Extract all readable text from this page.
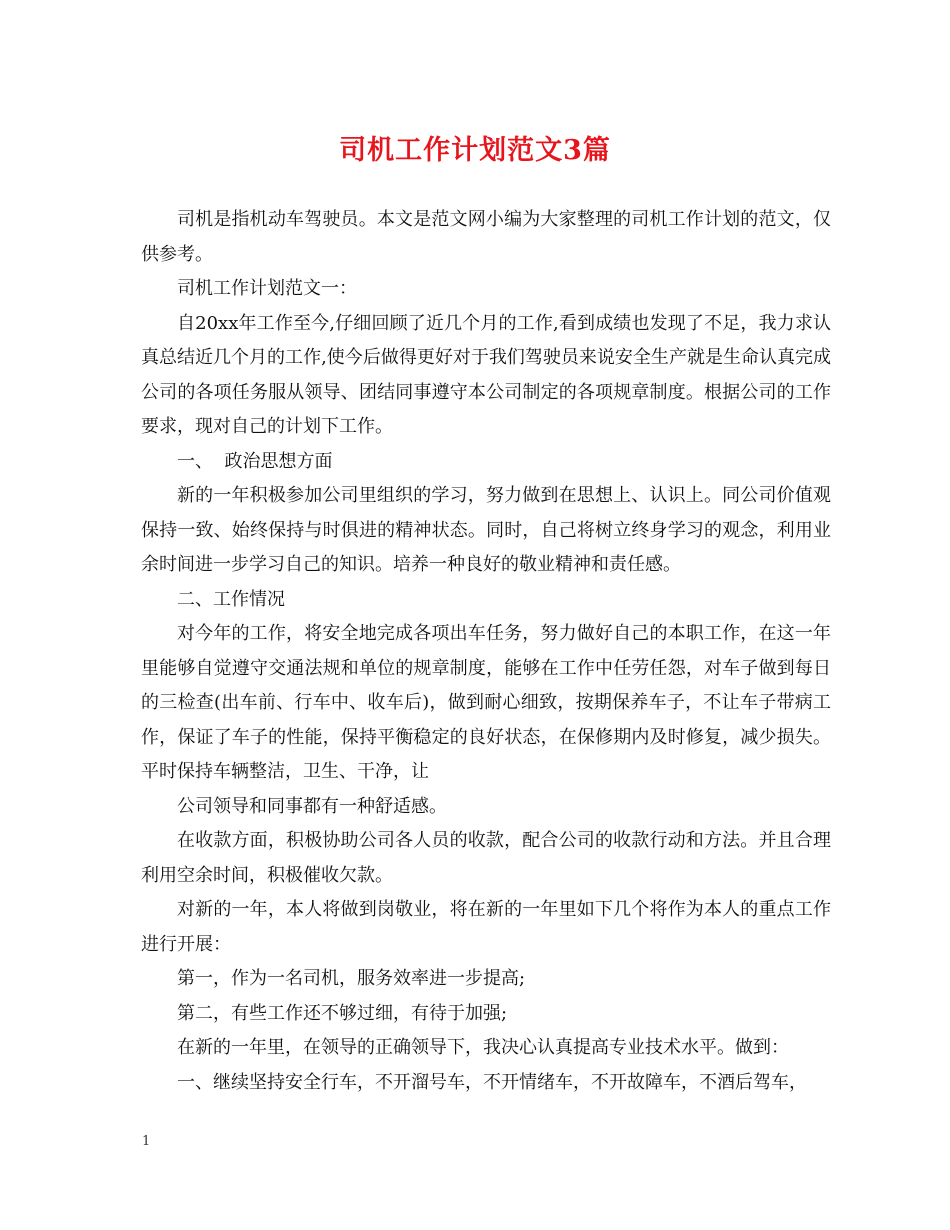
司机工作计划范文3篇

司机是指机动车驾驶员。本文是范文网小编为大家整理的司机工作计划的范文，仅供参考。

司机工作计划范文一：

自20xx年工作至今,仔细回顾了近几个月的工作,看到成绩也发现了不足，我力求认真总结近几个月的工作,使今后做得更好对于我们驾驶员来说安全生产就是生命认真完成公司的各项任务服从领导、团结同事遵守本公司制定的各项规章制度。根据公司的工作要求，现对自己的计划下工作。

一、  政治思想方面

新的一年积极参加公司里组织的学习，努力做到在思想上、认识上。同公司价值观保持一致、始终保持与时俱进的精神状态。同时，自己将树立终身学习的观念，利用业余时间进一步学习自己的知识。培养一种良好的敬业精神和责任感。

二、工作情况

对今年的工作，将安全地完成各项出车任务，努力做好自己的本职工作，在这一年里能够自觉遵守交通法规和单位的规章制度，能够在工作中任劳任怨，对车子做到每日的三检查(出车前、行车中、收车后)，做到耐心细致，按期保养车子，不让车子带病工作，保证了车子的性能，保持平衡稳定的良好状态，在保修期内及时修复，减少损失。平时保持车辆整洁，卫生、干净，让

公司领导和同事都有一种舒适感。

在收款方面，积极协助公司各人员的收款，配合公司的收款行动和方法。并且合理利用空余时间，积极催收欠款。

对新的一年，本人将做到岗敬业，将在新的一年里如下几个将作为本人的重点工作进行开展：

第一，作为一名司机，服务效率进一步提高;

第二，有些工作还不够过细，有待于加强;

在新的一年里，在领导的正确领导下，我决心认真提高专业技术水平。做到：

一、继续坚持安全行车，不开溜号车，不开情绪车，不开故障车，不酒后驾车，

1
